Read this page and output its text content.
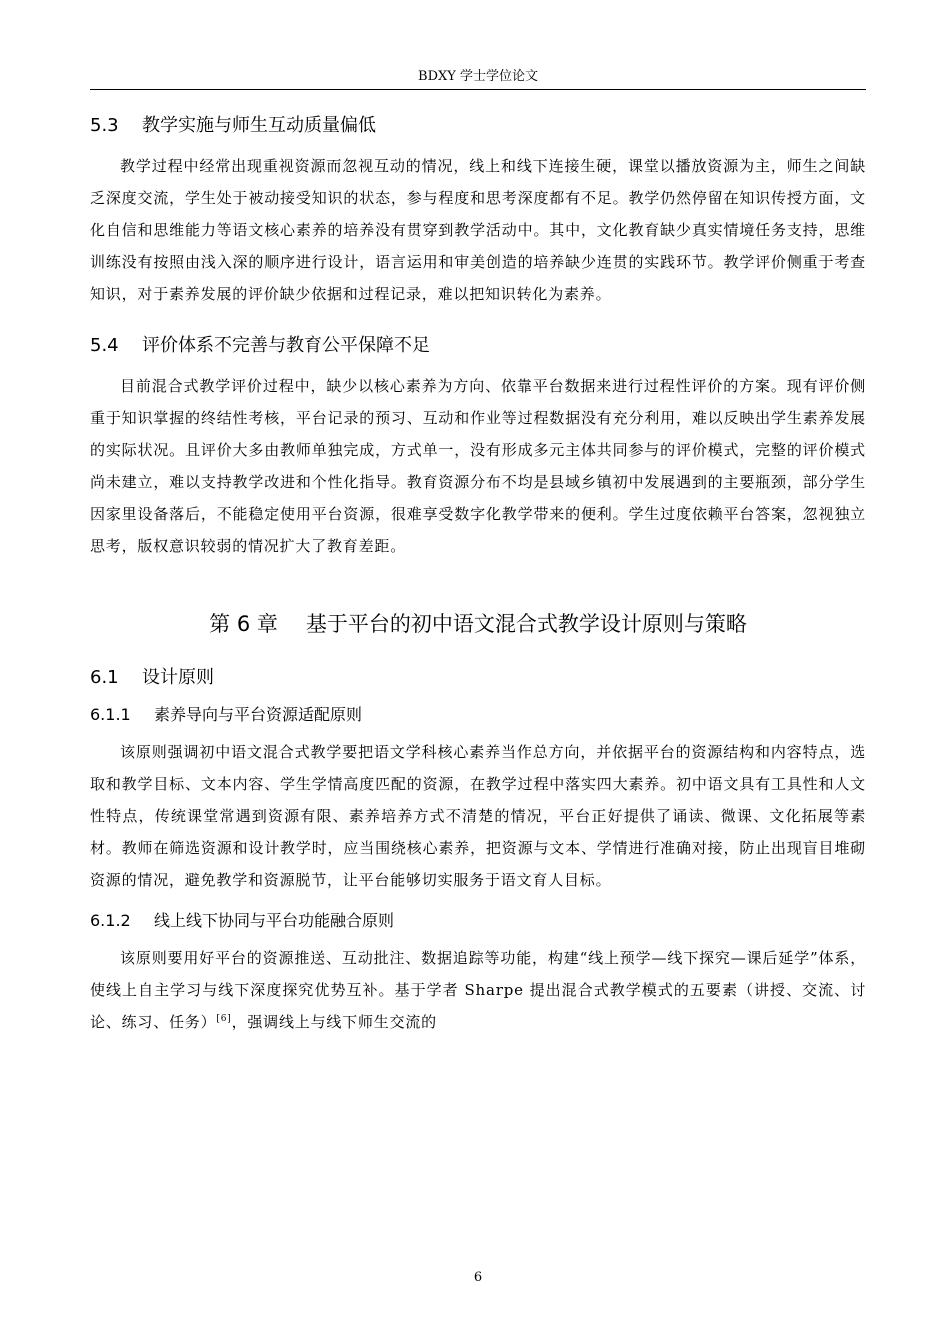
BDXY 学士学位论文
5.3 教学实施与师生互动质量偏低

教学过程中经常出现重视资源而忽视互动的情况，线上和线下连接生硬，课堂以播放资源为主，师生之间缺乏深度交流，学生处于被动接受知识的状态，参与程度和思考深度都有不足。教学仍然停留在知识传授方面，文化自信和思维能力等语文核心素养的培养没有贯穿到教学活动中。其中，文化教育缺少真实情境任务支持，思维训练没有按照由浅入深的顺序进行设计，语言运用和审美创造的培养缺少连贯的实践环节。教学评价侧重于考查知识，对于素养发展的评价缺少依据和过程记录，难以把知识转化为素养。

5.4 评价体系不完善与教育公平保障不足

目前混合式教学评价过程中，缺少以核心素养为方向、依靠平台数据来进行过程性评价的方案。现有评价侧重于知识掌握的终结性考核，平台记录的预习、互动和作业等过程数据没有充分利用，难以反映出学生素养发展的实际状况。且评价大多由教师单独完成，方式单一，没有形成多元主体共同参与的评价模式，完整的评价模式尚未建立，难以支持教学改进和个性化指导。教育资源分布不均是县域乡镇初中发展遇到的主要瓶颈，部分学生因家里设备落后，不能稳定使用平台资源，很难享受数字化教学带来的便利。学生过度依赖平台答案，忽视独立思考，版权意识较弱的情况扩大了教育差距。

第 6 章 基于平台的初中语文混合式教学设计原则与策略
6.1 设计原则
6.1.1 素养导向与平台资源适配原则

该原则强调初中语文混合式教学要把语文学科核心素养当作总方向，并依据平台的资源结构和内容特点，选取和教学目标、文本内容、学生学情高度匹配的资源，在教学过程中落实四大素养。初中语文具有工具性和人文性特点，传统课堂常遇到资源有限、素养培养方式不清楚的情况，平台正好提供了诵读、微课、文化拓展等素材。教师在筛选资源和设计教学时，应当围绕核心素养，把资源与文本、学情进行准确对接，防止出现盲目堆砌资源的情况，避免教学和资源脱节，让平台能够切实服务于语文育人目标。

6.1.2 线上线下协同与平台功能融合原则

该原则要用好平台的资源推送、互动批注、数据追踪等功能，构建“线上预学—线下探究—课后延学”体系，使线上自主学习与线下深度探究优势互补。基于学者 Sharpe 提出混合式教学模式的五要素（讲授、交流、讨论、练习、任务）[6]，强调线上与线下师生交流的

6
